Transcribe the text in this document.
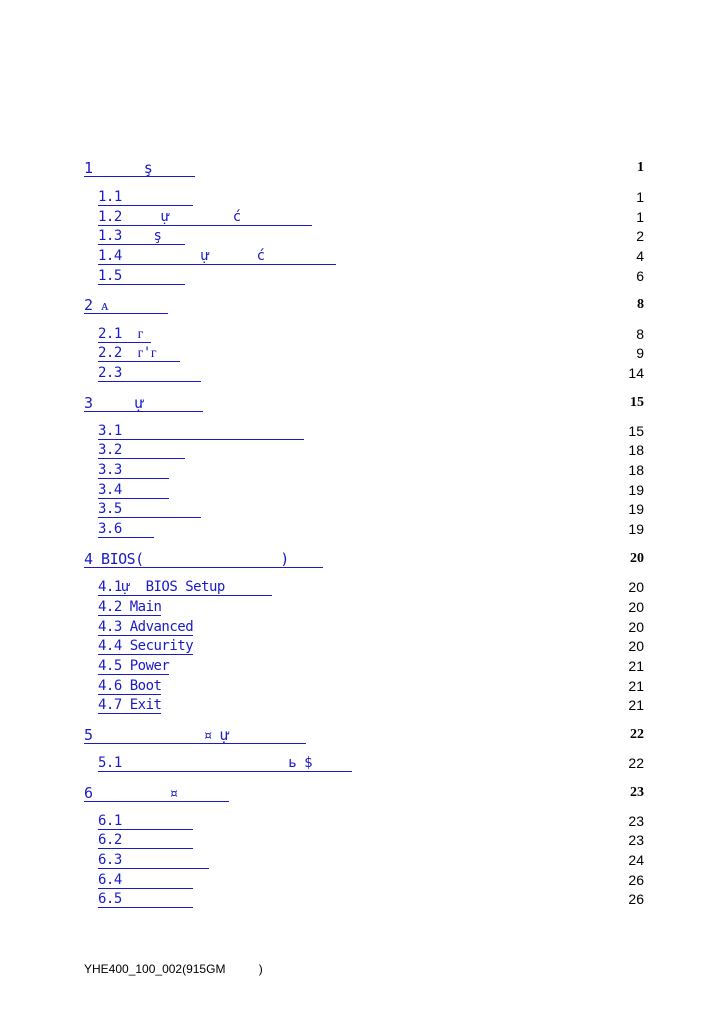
1      ş	1
1.1	1
1.2     ự        ć	1
1.3    ş	2
1.4          ự      ć	4
1.5	6
2 ᴀ	8
2.1  ᴦ	8
2.2  ᴦ'ᴦ	9
2.3	14
3     ự	15
3.1	15
3.2	18
3.3	18
3.4	19
3.5	19
3.6	19
4 BIOS(                )	20
4.1ự  BIOS Setup	20
4.2 Main	20
4.3 Advanced	20
4.4 Security	20
4.5 Power	21
4.6 Boot	21
4.7 Exit	21
5             ¤ ự	22
5.1                     ь $	22
6         ¤	23
6.1	23
6.2	23
6.3	24
6.4	26
6.5	26
YHE400_100_002(915GM          )
